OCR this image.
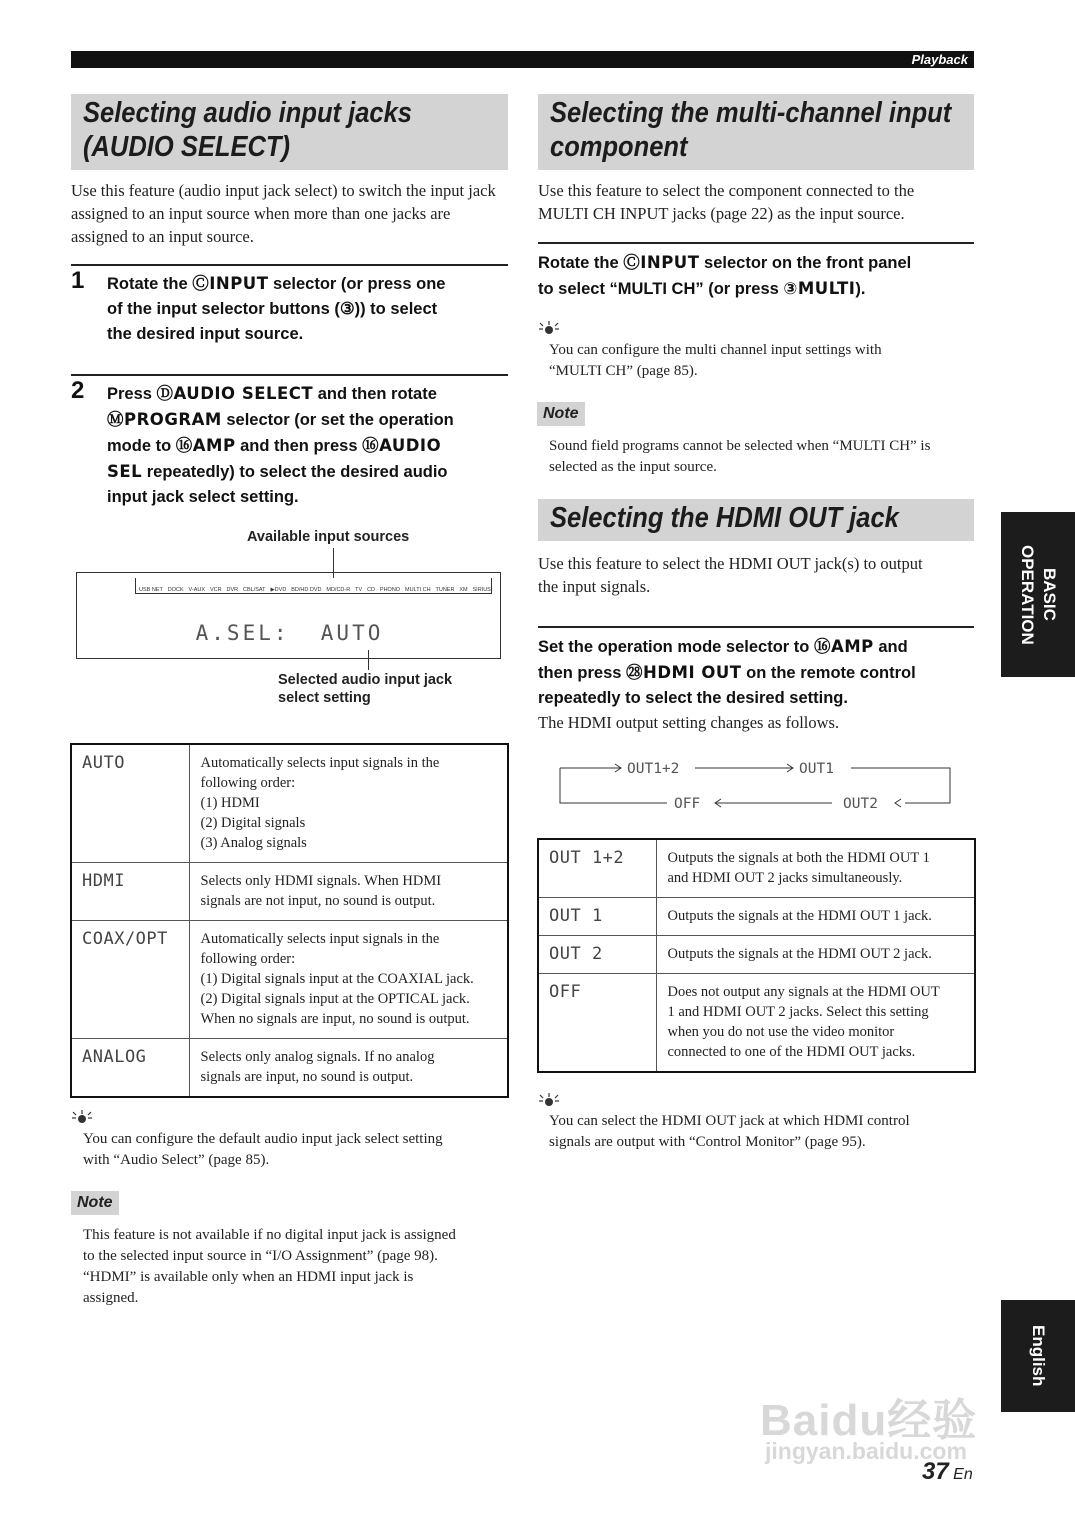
Playback
Selecting audio input jacks
(AUDIO SELECT)

Use this feature (audio input jack select) to switch the input jack assigned to an input source when more than one jacks are assigned to an input source.

1 Rotate the ⒸINPUT selector (or press one
of the input selector buttons (③)) to select
the desired input source.
2 Press ⒹAUDIO SELECT and then rotate
ⓂPROGRAM selector (or set the operation
mode to ⑯AMP and then press ⑯AUDIO
SEL repeatedly) to select the desired audio
input jack select setting.
Available input sources
USB NET DOCK V-AUX VCR DVR CBL/SAT ▶DVD BD/HD DVD MD/CD-R TV CD PHONO MULTI CH TUNER XM SIRIUS
A.SEL:  AUTO
Selected audio input jack
select setting
AUTO	Automatically selects input signals in the
following order:
(1) HDMI
(2) Digital signals
(3) Analog signals

HDMI	Selects only HDMI signals. When HDMI
signals are not input, no sound is output.

COAX/OPT	Automatically selects input signals in the
following order:
(1) Digital signals input at the COAXIAL jack.
(2) Digital signals input at the OPTICAL jack.
When no signals are input, no sound is output.

ANALOG	Selects only analog signals. If no analog
signals are input, no sound is output.
You can configure the default audio input jack select setting
with “Audio Select” (page 85).
Note
This feature is not available if no digital input jack is assigned
to the selected input source in “I/O Assignment” (page 98).
“HDMI” is available only when an HDMI input jack is
assigned.
Selecting the multi-channel input
component
Use this feature to select the component connected to the
MULTI CH INPUT jacks (page 22) as the input source.
Rotate the ⒸINPUT selector on the front panel
to select “MULTI CH” (or press ③MULTI).
You can configure the multi channel input settings with
“MULTI CH” (page 85).
Note
Sound field programs cannot be selected when “MULTI CH” is
selected as the input source.
Selecting the HDMI OUT jack
Use this feature to select the HDMI OUT jack(s) to output
the input signals.
Set the operation mode selector to ⑯AMP and
then press ㉘HDMI OUT on the remote control
repeatedly to select the desired setting.
The HDMI output setting changes as follows.
OUT1+2	OUT1
OUT2
OFF
OUT 1+2	Outputs the signals at both the HDMI OUT 1
and HDMI OUT 2 jacks simultaneously.

OUT 1	Outputs the signals at the HDMI OUT 1 jack.

OUT 2	Outputs the signals at the HDMI OUT 2 jack.

OFF	Does not output any signals at the HDMI OUT
1 and HDMI OUT 2 jacks. Select this setting
when you do not use the video monitor
connected to one of the HDMI OUT jacks.
You can select the HDMI OUT jack at which HDMI control
signals are output with “Control Monitor” (page 95).
OPERATION BASIC
English
Baidu经验
jingyan.baidu.com
37 En
